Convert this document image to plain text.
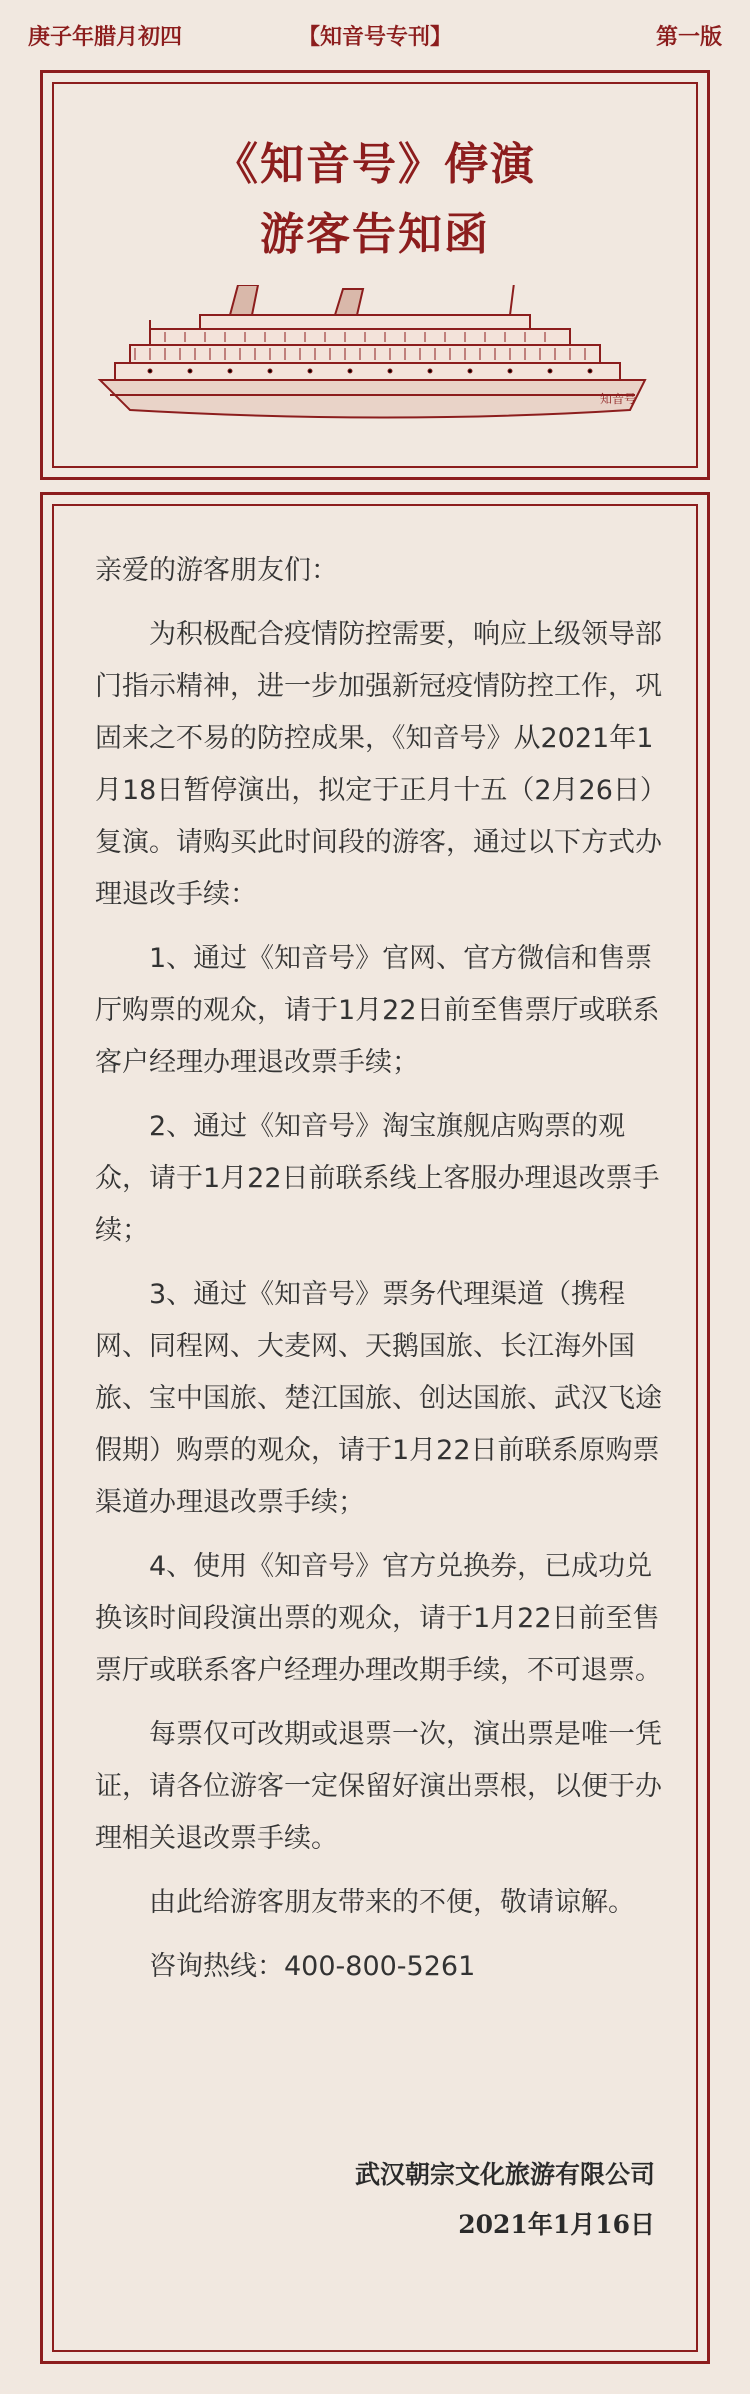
庚子年腊月初四	【知音号专刊】	第一版
《知音号》停演
游客告知函
知音号

亲爱的游客朋友们：

为积极配合疫情防控需要，响应上级领导部门指示精神，进一步加强新冠疫情防控工作，巩固来之不易的防控成果，《知音号》从2021年1月18日暂停演出，拟定于正月十五（2月26日）复演。请购买此时间段的游客，通过以下方式办理退改手续：

1、通过《知音号》官网、官方微信和售票厅购票的观众，请于1月22日前至售票厅或联系客户经理办理退改票手续；

2、通过《知音号》淘宝旗舰店购票的观众，请于1月22日前联系线上客服办理退改票手续；

3、通过《知音号》票务代理渠道（携程网、同程网、大麦网、天鹅国旅、长江海外国旅、宝中国旅、楚江国旅、创达国旅、武汉飞途假期）购票的观众，请于1月22日前联系原购票渠道办理退改票手续；

4、使用《知音号》官方兑换券，已成功兑换该时间段演出票的观众，请于1月22日前至售票厅或联系客户经理办理改期手续，不可退票。

每票仅可改期或退票一次，演出票是唯一凭证，请各位游客一定保留好演出票根，以便于办理相关退改票手续。

由此给游客朋友带来的不便，敬请谅解。

咨询热线：400-800-5261

武汉朝宗文化旅游有限公司
2021年1月16日
